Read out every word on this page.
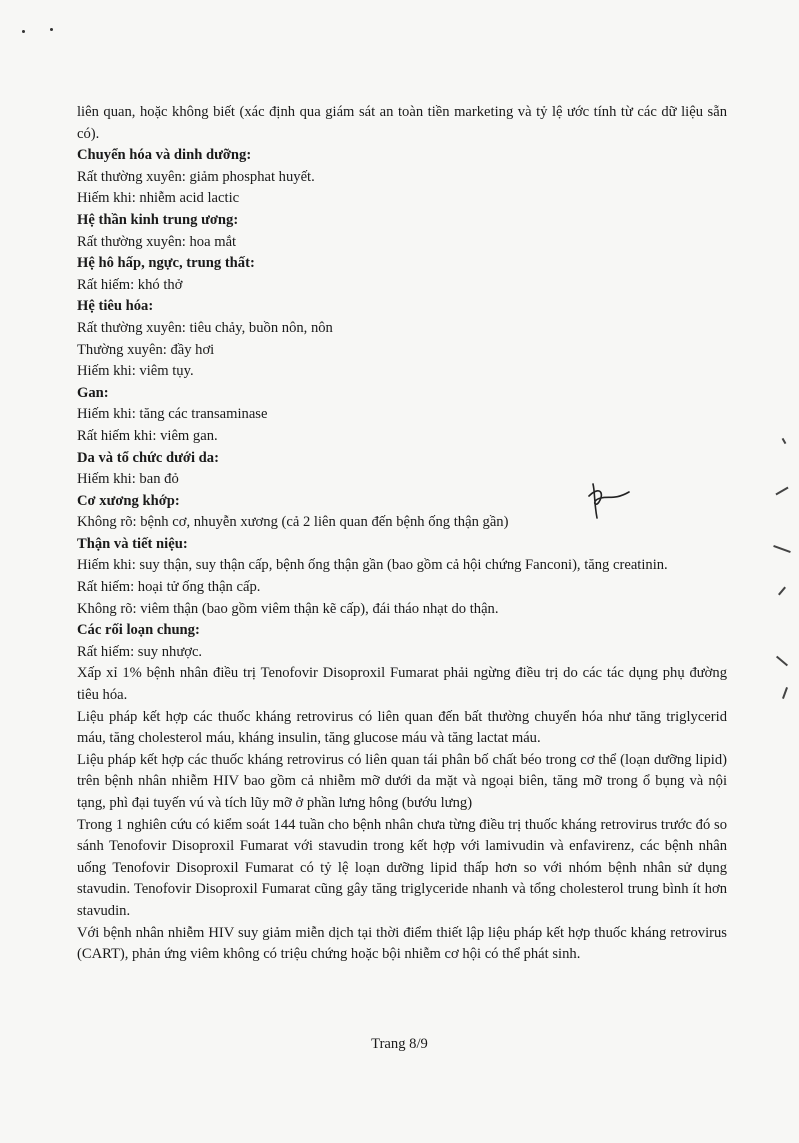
liên quan, hoặc không biết (xác định qua giám sát an toàn tiền marketing và tỷ lệ ước tính từ các dữ liệu sẵn có).

Chuyển hóa và dinh dưỡng:

Rất thường xuyên: giảm phosphat huyết.

Hiếm khi: nhiễm acid lactic

Hệ thần kinh trung ương:

Rất thường xuyên: hoa mắt

Hệ hô hấp, ngực, trung thất:

Rất hiếm: khó thở

Hệ tiêu hóa:

Rất thường xuyên: tiêu chảy, buồn nôn, nôn

Thường xuyên: đầy hơi

Hiếm khi: viêm tụy.

Gan:

Hiếm khi: tăng các transaminase

Rất hiếm khi: viêm gan.

Da và tổ chức dưới da:

Hiếm khi: ban đỏ

Cơ xương khớp:

Không rõ: bệnh cơ, nhuyễn xương (cả 2 liên quan đến bệnh ống thận gần)

Thận và tiết niệu:

Hiếm khi: suy thận, suy thận cấp, bệnh ống thận gần (bao gồm cả hội chứng Fanconi), tăng creatinin.

Rất hiếm: hoại tử ống thận cấp.

Không rõ: viêm thận (bao gồm viêm thận kẽ cấp), đái tháo nhạt do thận.

Các rối loạn chung:

Rất hiếm: suy nhược.

Xấp xỉ 1% bệnh nhân điều trị Tenofovir Disoproxil Fumarat phải ngừng điều trị do các tác dụng phụ đường tiêu hóa.

Liệu pháp kết hợp các thuốc kháng retrovirus có liên quan đến bất thường chuyển hóa như tăng triglycerid máu, tăng cholesterol máu, kháng insulin, tăng glucose máu và tăng lactat máu.

Liệu pháp kết hợp các thuốc kháng retrovirus có liên quan tái phân bố chất béo trong cơ thể (loạn dưỡng lipid) trên bệnh nhân nhiễm HIV bao gồm cả nhiễm mỡ dưới da mặt và ngoại biên, tăng mỡ trong ổ bụng và nội tạng, phì đại tuyến vú và tích lũy mỡ ở phần lưng hông (bướu lưng)

Trong 1 nghiên cứu có kiểm soát 144 tuần cho bệnh nhân chưa từng điều trị thuốc kháng retrovirus trước đó so sánh Tenofovir Disoproxil Fumarat với stavudin trong kết hợp với lamivudin và enfavirenz, các bệnh nhân uống Tenofovir Disoproxil Fumarat có tỷ lệ loạn dưỡng lipid thấp hơn so với nhóm bệnh nhân sử dụng stavudin. Tenofovir Disoproxil Fumarat cũng gây tăng triglyceride nhanh và tổng cholesterol trung bình ít hơn stavudin.

Với bệnh nhân nhiễm HIV suy giảm miễn dịch tại thời điểm thiết lập liệu pháp kết hợp thuốc kháng retrovirus (CART), phản ứng viêm không có triệu chứng hoặc bội nhiễm cơ hội có thể phát sinh.

Trang 8/9
